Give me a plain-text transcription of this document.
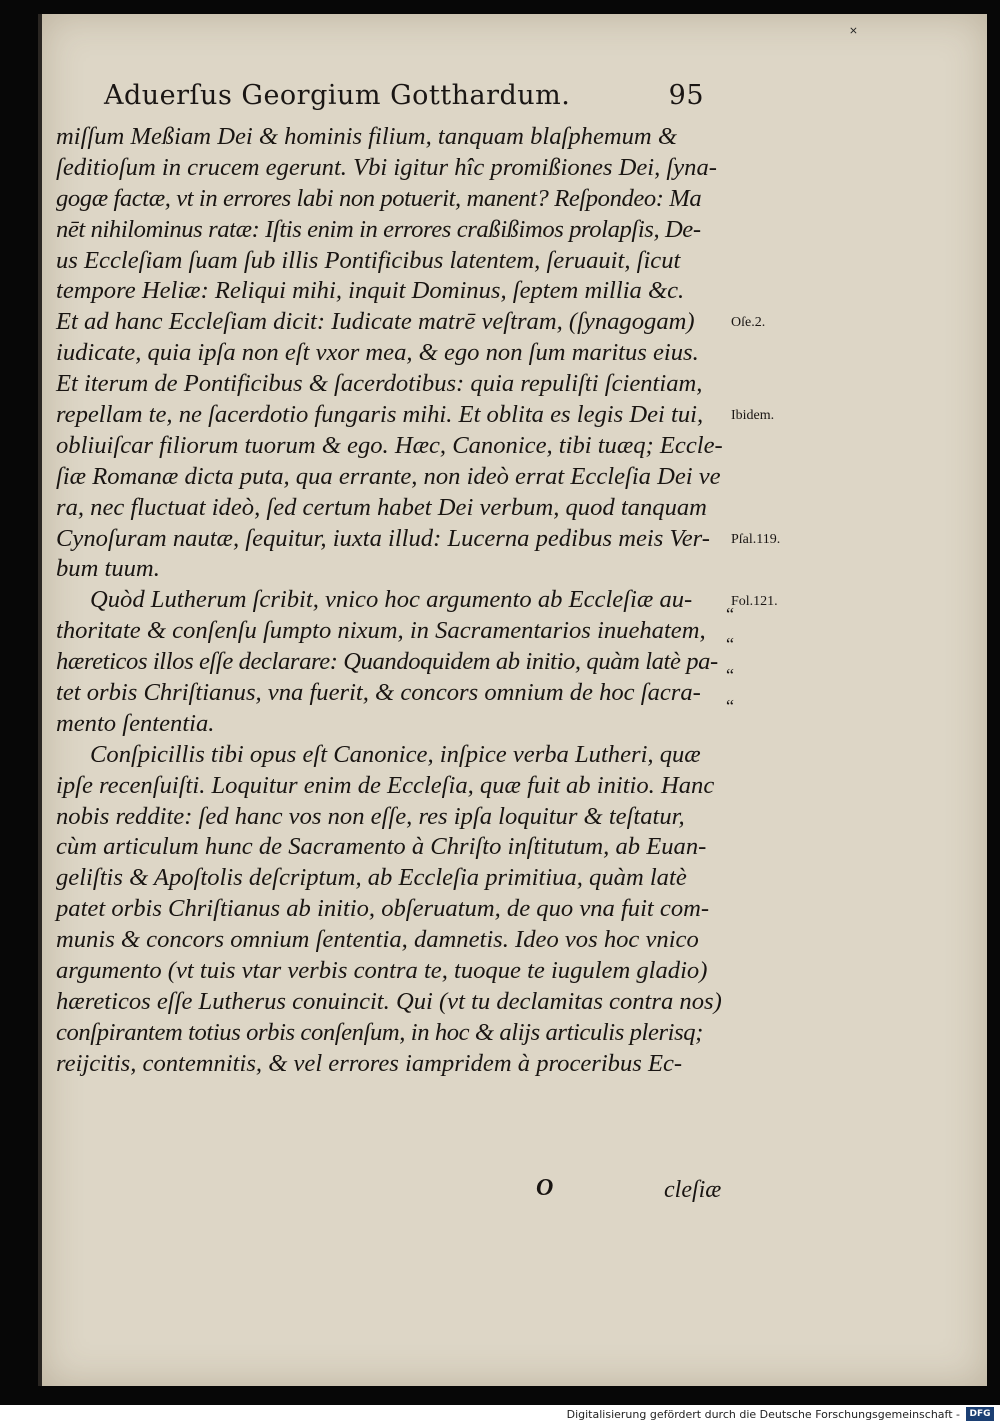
˟
Aduerſus Georgium Gotthardum.	95
miſſum Meßiam Dei & hominis filium, tanquam blaſphemum &
ſeditioſum in crucem egerunt. Vbi igitur hîc promißiones Dei, ſyna-
gogæ factæ, vt in errores labi non potuerit, manent? Reſpondeo: Ma
nēt nihilominus ratæ: Iſtis enim in errores craßißimos prolapſis, De-
us Eccleſiam ſuam ſub illis Pontificibus latentem, ſeruauit, ſicut
tempore Heliæ: Reliqui mihi, inquit Dominus, ſeptem millia &c.
Et ad hanc Eccleſiam dicit: Iudicate matrē veſtram, (ſynagogam)
iudicate, quia ipſa non eſt vxor mea, & ego non ſum maritus eius.
Et iterum de Pontificibus & ſacerdotibus: quia repuliſti ſcientiam,
repellam te, ne ſacerdotio fungaris mihi. Et oblita es legis Dei tui,
obliuiſcar filiorum tuorum & ego. Hæc, Canonice, tibi tuæq; Eccle-
ſiæ Romanæ dicta puta, qua errante, non ideò errat Eccleſia Dei ve
ra, nec fluctuat ideò, ſed certum habet Dei verbum, quod tanquam
Cynoſuram nautæ, ſequitur, iuxta illud: Lucerna pedibus meis Ver-
bum tuum.
Quòd Lutherum ſcribit, vnico hoc argumento ab Eccleſiæ au-
thoritate & conſenſu ſumpto nixum, in Sacramentarios inuehatem,
hæreticos illos eſſe declarare: Quandoquidem ab initio, quàm latè pa-
tet orbis Chriſtianus, vna fuerit, & concors omnium de hoc ſacra-
mento ſententia.
Conſpicillis tibi opus eſt Canonice, inſpice verba Lutheri, quæ
ipſe recenſuiſti. Loquitur enim de Eccleſia, quæ fuit ab initio. Hanc
nobis reddite: ſed hanc vos non eſſe, res ipſa loquitur & teſtatur,
cùm articulum hunc de Sacramento à Chriſto inſtitutum, ab Euan-
geliſtis & Apoſtolis deſcriptum, ab Eccleſia primitiua, quàm latè
patet orbis Chriſtianus ab initio, obſeruatum, de quo vna fuit com-
munis & concors omnium ſententia, damnetis. Ideo vos hoc vnico
argumento (vt tuis vtar verbis contra te, tuoque te iugulem gladio)
hæreticos eſſe Lutherus conuincit. Qui (vt tu declamitas contra nos)
conſpirantem totius orbis conſenſum, in hoc & alijs articulis plerisq;
reijcitis, contemnitis, & vel errores iampridem à proceribus Ec-
Oſe.2.
Ibidem.
Pſal.119.
Fol.121.
“
“
“
“
O	cleſiæ
Digitalisierung gefördert durch die Deutsche Forschungsgemeinschaft -	DFG
